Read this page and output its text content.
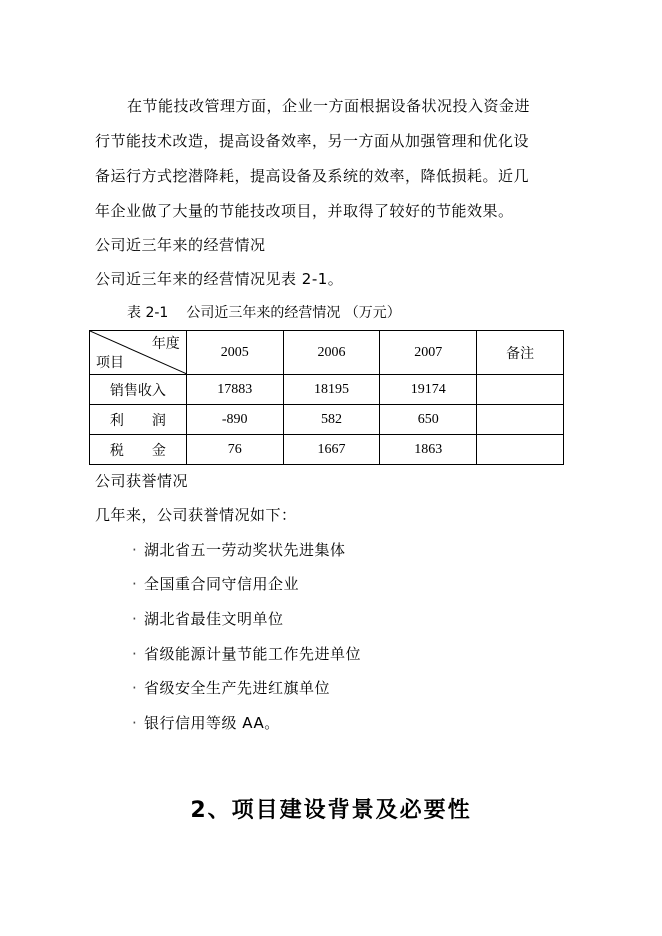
在节能技改管理方面，企业一方面根据设备状况投入资金进
行节能技术改造，提高设备效率，另一方面从加强管理和优化设
备运行方式挖潜降耗，提高设备及系统的效率，降低损耗。近几
年企业做了大量的节能技改项目，并取得了较好的节能效果。
公司近三年来的经营情况
公司近三年来的经营情况见表 2-1。
表 2-1 公司近三年来的经营情况 （万元）
年度
项目	2005	2006	2007	备注
销售收入	17883	18195	19174	
利　　润	-890	582	650	
税　　金	76	1667	1863	
公司获誉情况
几年来，公司获誉情况如下：
· 湖北省五一劳动奖状先进集体
· 全国重合同守信用企业
· 湖北省最佳文明单位
· 省级能源计量节能工作先进单位
· 省级安全生产先进红旗单位
· 银行信用等级 AA。
2、项目建设背景及必要性
